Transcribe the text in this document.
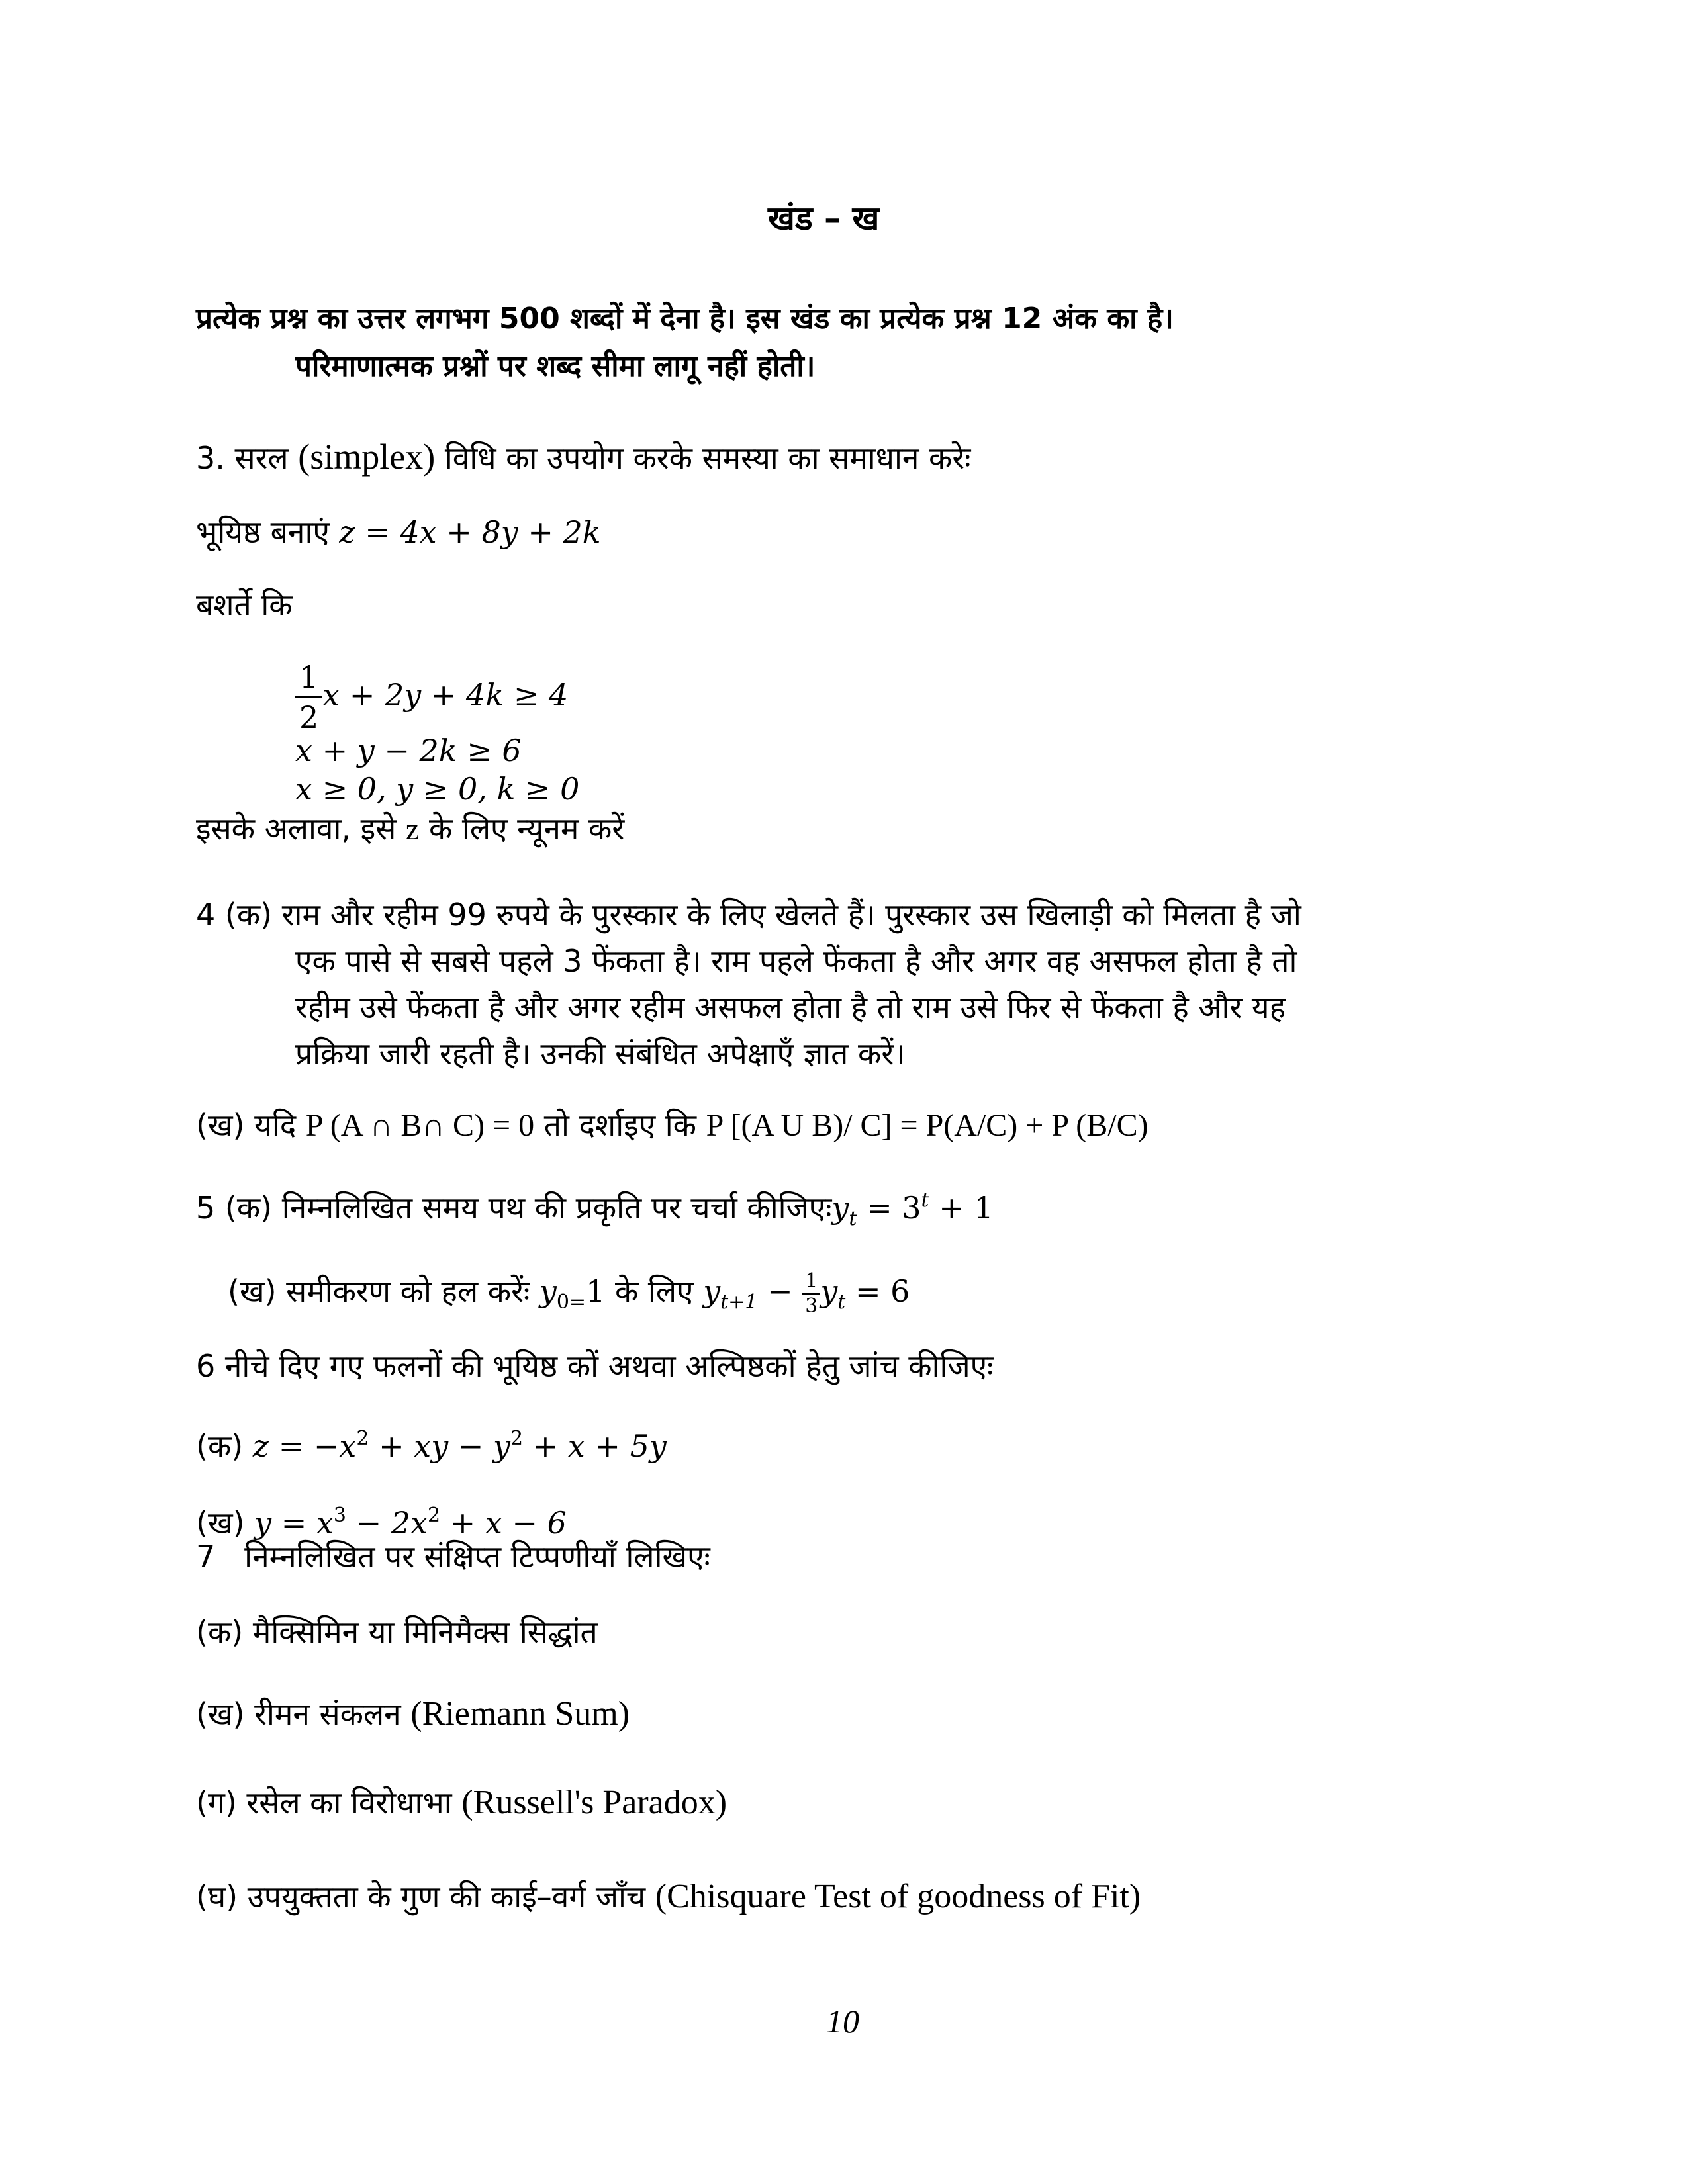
खंड – ख
प्रत्येक प्रश्न का उत्तर लगभग 500 शब्दों में देना है। इस खंड का प्रत्येक प्रश्न 12 अंक का है।
परिमाणात्मक प्रश्नों पर शब्द सीमा लागू नहीं होती।
3. सरल (simplex) विधि का उपयोग करके समस्या का समाधान करेः
भूयिष्ठ बनाएं z = 4x + 8y + 2k
बशर्ते कि
$\frac{1}{2}$ x + 2y + 4k ≥ 4
x + y − 2k ≥ 6
x ≥ 0, y ≥ 0, k ≥ 0
इसके अलावा, इसे z के लिए न्यूनम करें
4 (क) राम और रहीम 99 रुपये के पुरस्कार के लिए खेलते हैं। पुरस्कार उस खिलाड़ी को मिलता है जो
एक पासे से सबसे पहले 3 फेंकता है। राम पहले फेंकता है और अगर वह असफल होता है तो
रहीम उसे फेंकता है और अगर रहीम असफल होता है तो राम उसे फिर से फेंकता है और यह
प्रक्रिया जारी रहती है। उनकी संबंधित अपेक्षाएँ ज्ञात करें।
(ख) यदि P (A ∩ B∩ C) = 0 तो दर्शाइए कि P [(A U B)/ C] = P(A/C) + P (B/C)
5 (क) निम्नलिखित समय पथ की प्रकृति पर चर्चा $कीजिएःy_t = 3^t + 1$
(ख) समीकरण को हल करेंः $y_{0=}1$ के लिए $y_{t+1} - \frac{1}{3} y_t = 6$
6 नीचे दिए गए फलनों की भूयिष्ठ कों अथवा अल्पिष्ठकों हेतु जांच कीजिएः
(क) $z = -x^2$ + xy − $y^2 + x + 5y$
(ख) $y = x^3 - 2x^2 + x - 6$
7 निम्नलिखित पर संक्षिप्त टिप्पणीयाँ लिखिएः
(क) मैक्सिमिन या मिनिमैक्स सिद्धांत
(ख) रीमन संकलन (Riemann Sum)
(ग) रसेल का विरोधाभा (Russell's Paradox)
(घ) उपयुक्तता के गुण की काई–वर्ग जाँच (Chisquare Test of goodness of Fit)
10
